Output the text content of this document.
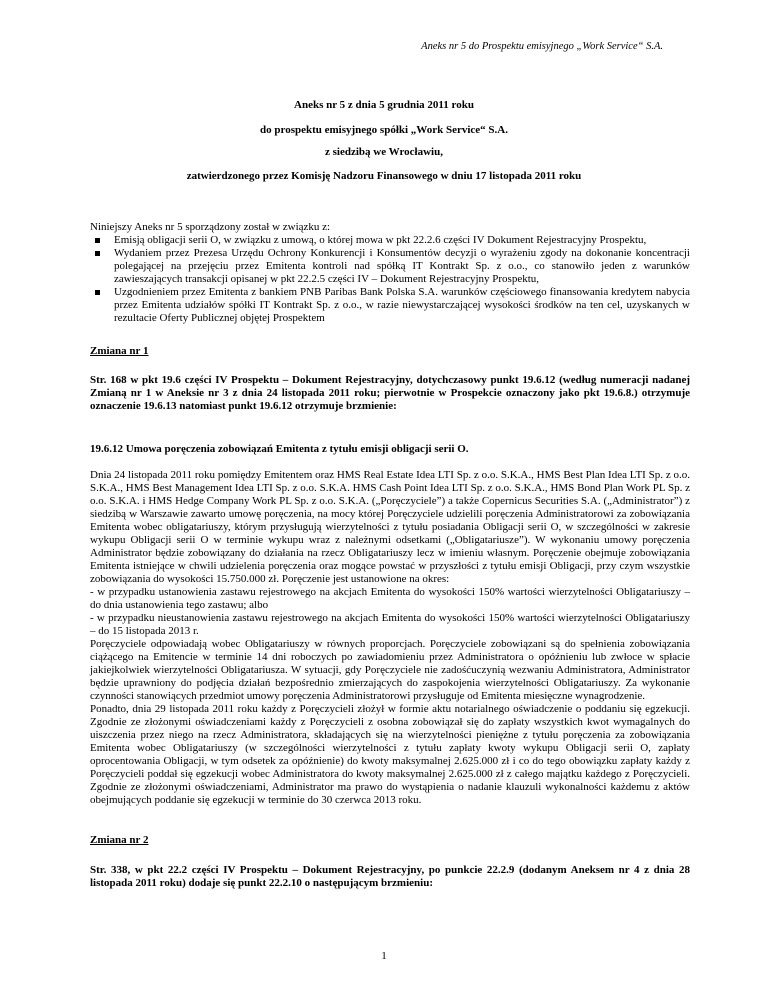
Aneks nr 5 do Prospektu emisyjnego „Work Service“ S.A.
Aneks nr 5 z dnia 5 grudnia 2011 roku
do prospektu emisyjnego spółki „Work Service“ S.A.
z siedzibą we Wrocławiu,
zatwierdzonego przez Komisję Nadzoru Finansowego w dniu 17 listopada 2011 roku
Niniejszy Aneks nr 5 sporządzony został w związku z:
Emisją obligacji serii O, w związku z umową, o której mowa w pkt 22.2.6 części IV Dokument Rejestracyjny Prospektu,
Wydaniem przez Prezesa Urzędu Ochrony Konkurencji i Konsumentów decyzji o wyrażeniu zgody na dokonanie koncentracji polegającej na przejęciu przez Emitenta kontroli nad spółką IT Kontrakt Sp. z o.o., co stanowiło jeden z warunków zawieszających transakcji opisanej w pkt 22.2.5 części IV – Dokument Rejestracyjny Prospektu,
Uzgodnieniem przez Emitenta z bankiem PNB Paribas Bank Polska S.A. warunków częściowego finansowania kredytem nabycia przez Emitenta udziałów spółki IT Kontrakt Sp. z o.o., w razie niewystarczającej wysokości środków na ten cel, uzyskanych w rezultacie Oferty Publicznej objętej Prospektem
Zmiana nr 1
Str. 168 w pkt 19.6 części IV Prospektu – Dokument Rejestracyjny, dotychczasowy punkt 19.6.12 (według numeracji nadanej Zmianą nr 1 w Aneksie nr 3 z dnia 24 listopada 2011 roku; pierwotnie w Prospekcie oznaczony jako pkt 19.6.8.) otrzymuje oznaczenie 19.6.13 natomiast punkt 19.6.12 otrzymuje brzmienie:
19.6.12 Umowa poręczenia zobowiązań Emitenta z tytułu emisji obligacji serii O.
Dnia 24 listopada 2011 roku pomiędzy Emitentem oraz HMS Real Estate Idea LTI Sp. z o.o. S.K.A., HMS Best Plan Idea LTI Sp. z o.o. S.K.A., HMS Best Management Idea LTI Sp. z o.o. S.K.A. HMS Cash Point Idea LTI Sp. z o.o. S.K.A., HMS Bond Plan Work PL Sp. z o.o. S.K.A. i HMS Hedge Company Work PL Sp. z o.o. S.K.A. („Poręczyciele”) a także Copernicus Securities S.A. („Administrator”) z siedzibą w Warszawie zawarto umowę poręczenia, na mocy której Poręczyciele udzielili poręczenia Administratorowi za zobowiązania Emitenta wobec obligatariuszy, którym przysługują wierzytelności z tytułu posiadania Obligacji serii O, w szczególności w zakresie wykupu Obligacji serii O w terminie wykupu wraz z należnymi odsetkami („Obligatariusze”). W wykonaniu umowy poręczenia Administrator będzie zobowiązany do działania na rzecz Obligatariuszy lecz w imieniu własnym. Poręczenie obejmuje zobowiązania Emitenta istniejące w chwili udzielenia poręczenia oraz mogące powstać w przyszłości z tytułu emisji Obligacji, przy czym wszystkie zobowiązania do wysokości 15.750.000 zł. Poręczenie jest ustanowione na okres:
- w przypadku ustanowienia zastawu rejestrowego na akcjach Emitenta do wysokości 150% wartości wierzytelności Obligatariuszy – do dnia ustanowienia tego zastawu; albo
- w przypadku nieustanowienia zastawu rejestrowego na akcjach Emitenta do wysokości 150% wartości wierzytelności Obligatariuszy – do 15 listopada 2013 r.
Poręczyciele odpowiadają wobec Obligatariuszy w równych proporcjach. Poręczyciele zobowiązani są do spełnienia zobowiązania ciążącego na Emitencie w terminie 14 dni roboczych po zawiadomieniu przez Administratora o opóźnieniu lub zwłoce w spłacie jakiejkolwiek wierzytelności Obligatariusza. W sytuacji, gdy Poręczyciele nie zadośćuczynią wezwaniu Administratora, Administrator będzie uprawniony do podjęcia działań bezpośrednio zmierzających do zaspokojenia wierzytelności Obligatariuszy. Za wykonanie czynności stanowiących przedmiot umowy poręczenia Administratorowi przysługuje od Emitenta miesięczne wynagrodzenie.
Ponadto, dnia 29 listopada 2011 roku każdy z Poręczycieli złożył w formie aktu notarialnego oświadczenie o poddaniu się egzekucji. Zgodnie ze złożonymi oświadczeniami każdy z Poręczycieli z osobna zobowiązał się do zapłaty wszystkich kwot wymagalnych do uiszczenia przez niego na rzecz Administratora, składających się na wierzytelności pieniężne z tytułu poręczenia za zobowiązania Emitenta wobec Obligatariuszy (w szczególności wierzytelności z tytułu zapłaty kwoty wykupu Obligacji serii O, zapłaty oprocentowania Obligacji, w tym odsetek za opóźnienie) do kwoty maksymalnej 2.625.000 zł i co do tego obowiązku zapłaty każdy z Poręczycieli poddał się egzekucji wobec Administratora do kwoty maksymalnej 2.625.000 zł z całego majątku każdego z Poręczycieli. Zgodnie ze złożonymi oświadczeniami, Administrator ma prawo do wystąpienia o nadanie klauzuli wykonalności każdemu z aktów obejmujących poddanie się egzekucji w terminie do 30 czerwca 2013 roku.
Zmiana nr 2
Str. 338, w pkt 22.2 części IV Prospektu – Dokument Rejestracyjny, po punkcie 22.2.9 (dodanym Aneksem nr 4 z dnia 28 listopada 2011 roku) dodaje się punkt 22.2.10 o następującym brzmieniu:
1
